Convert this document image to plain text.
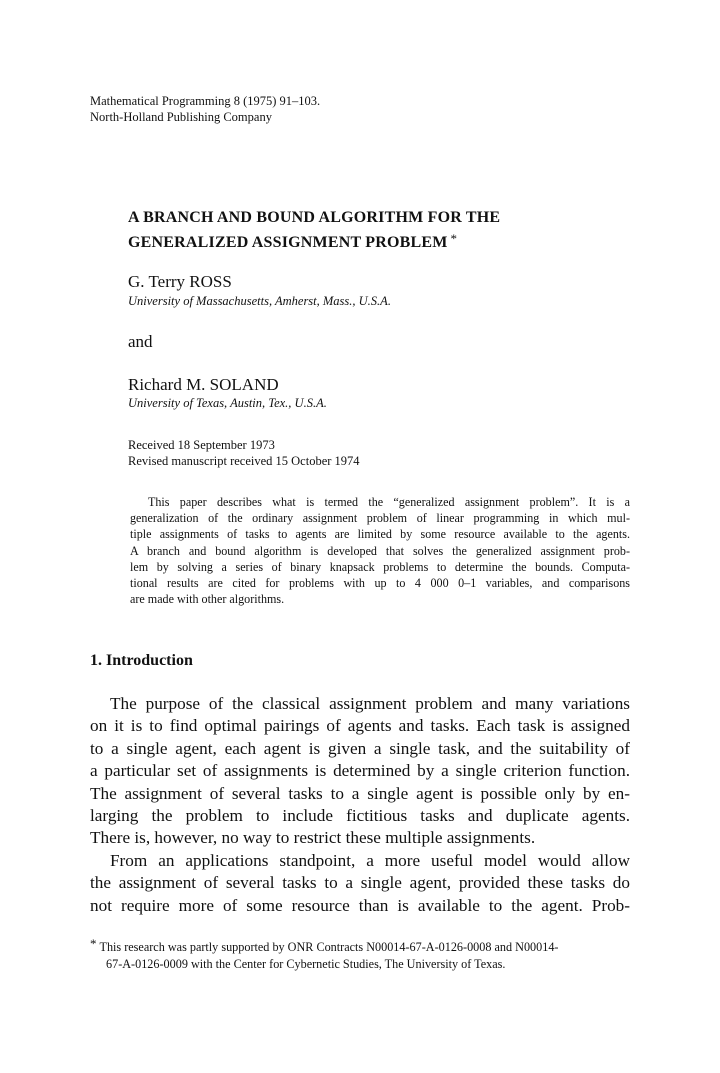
Mathematical Programming 8 (1975) 91–103.
North-Holland Publishing Company
A BRANCH AND BOUND ALGORITHM FOR THE
GENERALIZED ASSIGNMENT PROBLEM *
G. Terry ROSS
University of Massachusetts, Amherst, Mass., U.S.A.
and
Richard M. SOLAND
University of Texas, Austin, Tex., U.S.A.
Received 18 September 1973
Revised manuscript received 15 October 1974
This paper describes what is termed the “generalized assignment problem”. It is a
generalization of the ordinary assignment problem of linear programming in which mul-
tiple assignments of tasks to agents are limited by some resource available to the agents.
A branch and bound algorithm is developed that solves the generalized assignment prob-
lem by solving a series of binary knapsack problems to determine the bounds. Computa-
tional results are cited for problems with up to 4 000 0–1 variables, and comparisons
are made with other algorithms.
1. Introduction
The purpose of the classical assignment problem and many variations
on it is to find optimal pairings of agents and tasks. Each task is assigned
to a single agent, each agent is given a single task, and the suitability of
a particular set of assignments is determined by a single criterion function.
The assignment of several tasks to a single agent is possible only by en-
larging the problem to include fictitious tasks and duplicate agents.
There is, however, no way to restrict these multiple assignments.
From an applications standpoint, a more useful model would allow
the assignment of several tasks to a single agent, provided these tasks do
not require more of some resource than is available to the agent. Prob-
* This research was partly supported by ONR Contracts N00014-67-A-0126-0008 and N00014-
67-A-0126-0009 with the Center for Cybernetic Studies, The University of Texas.
